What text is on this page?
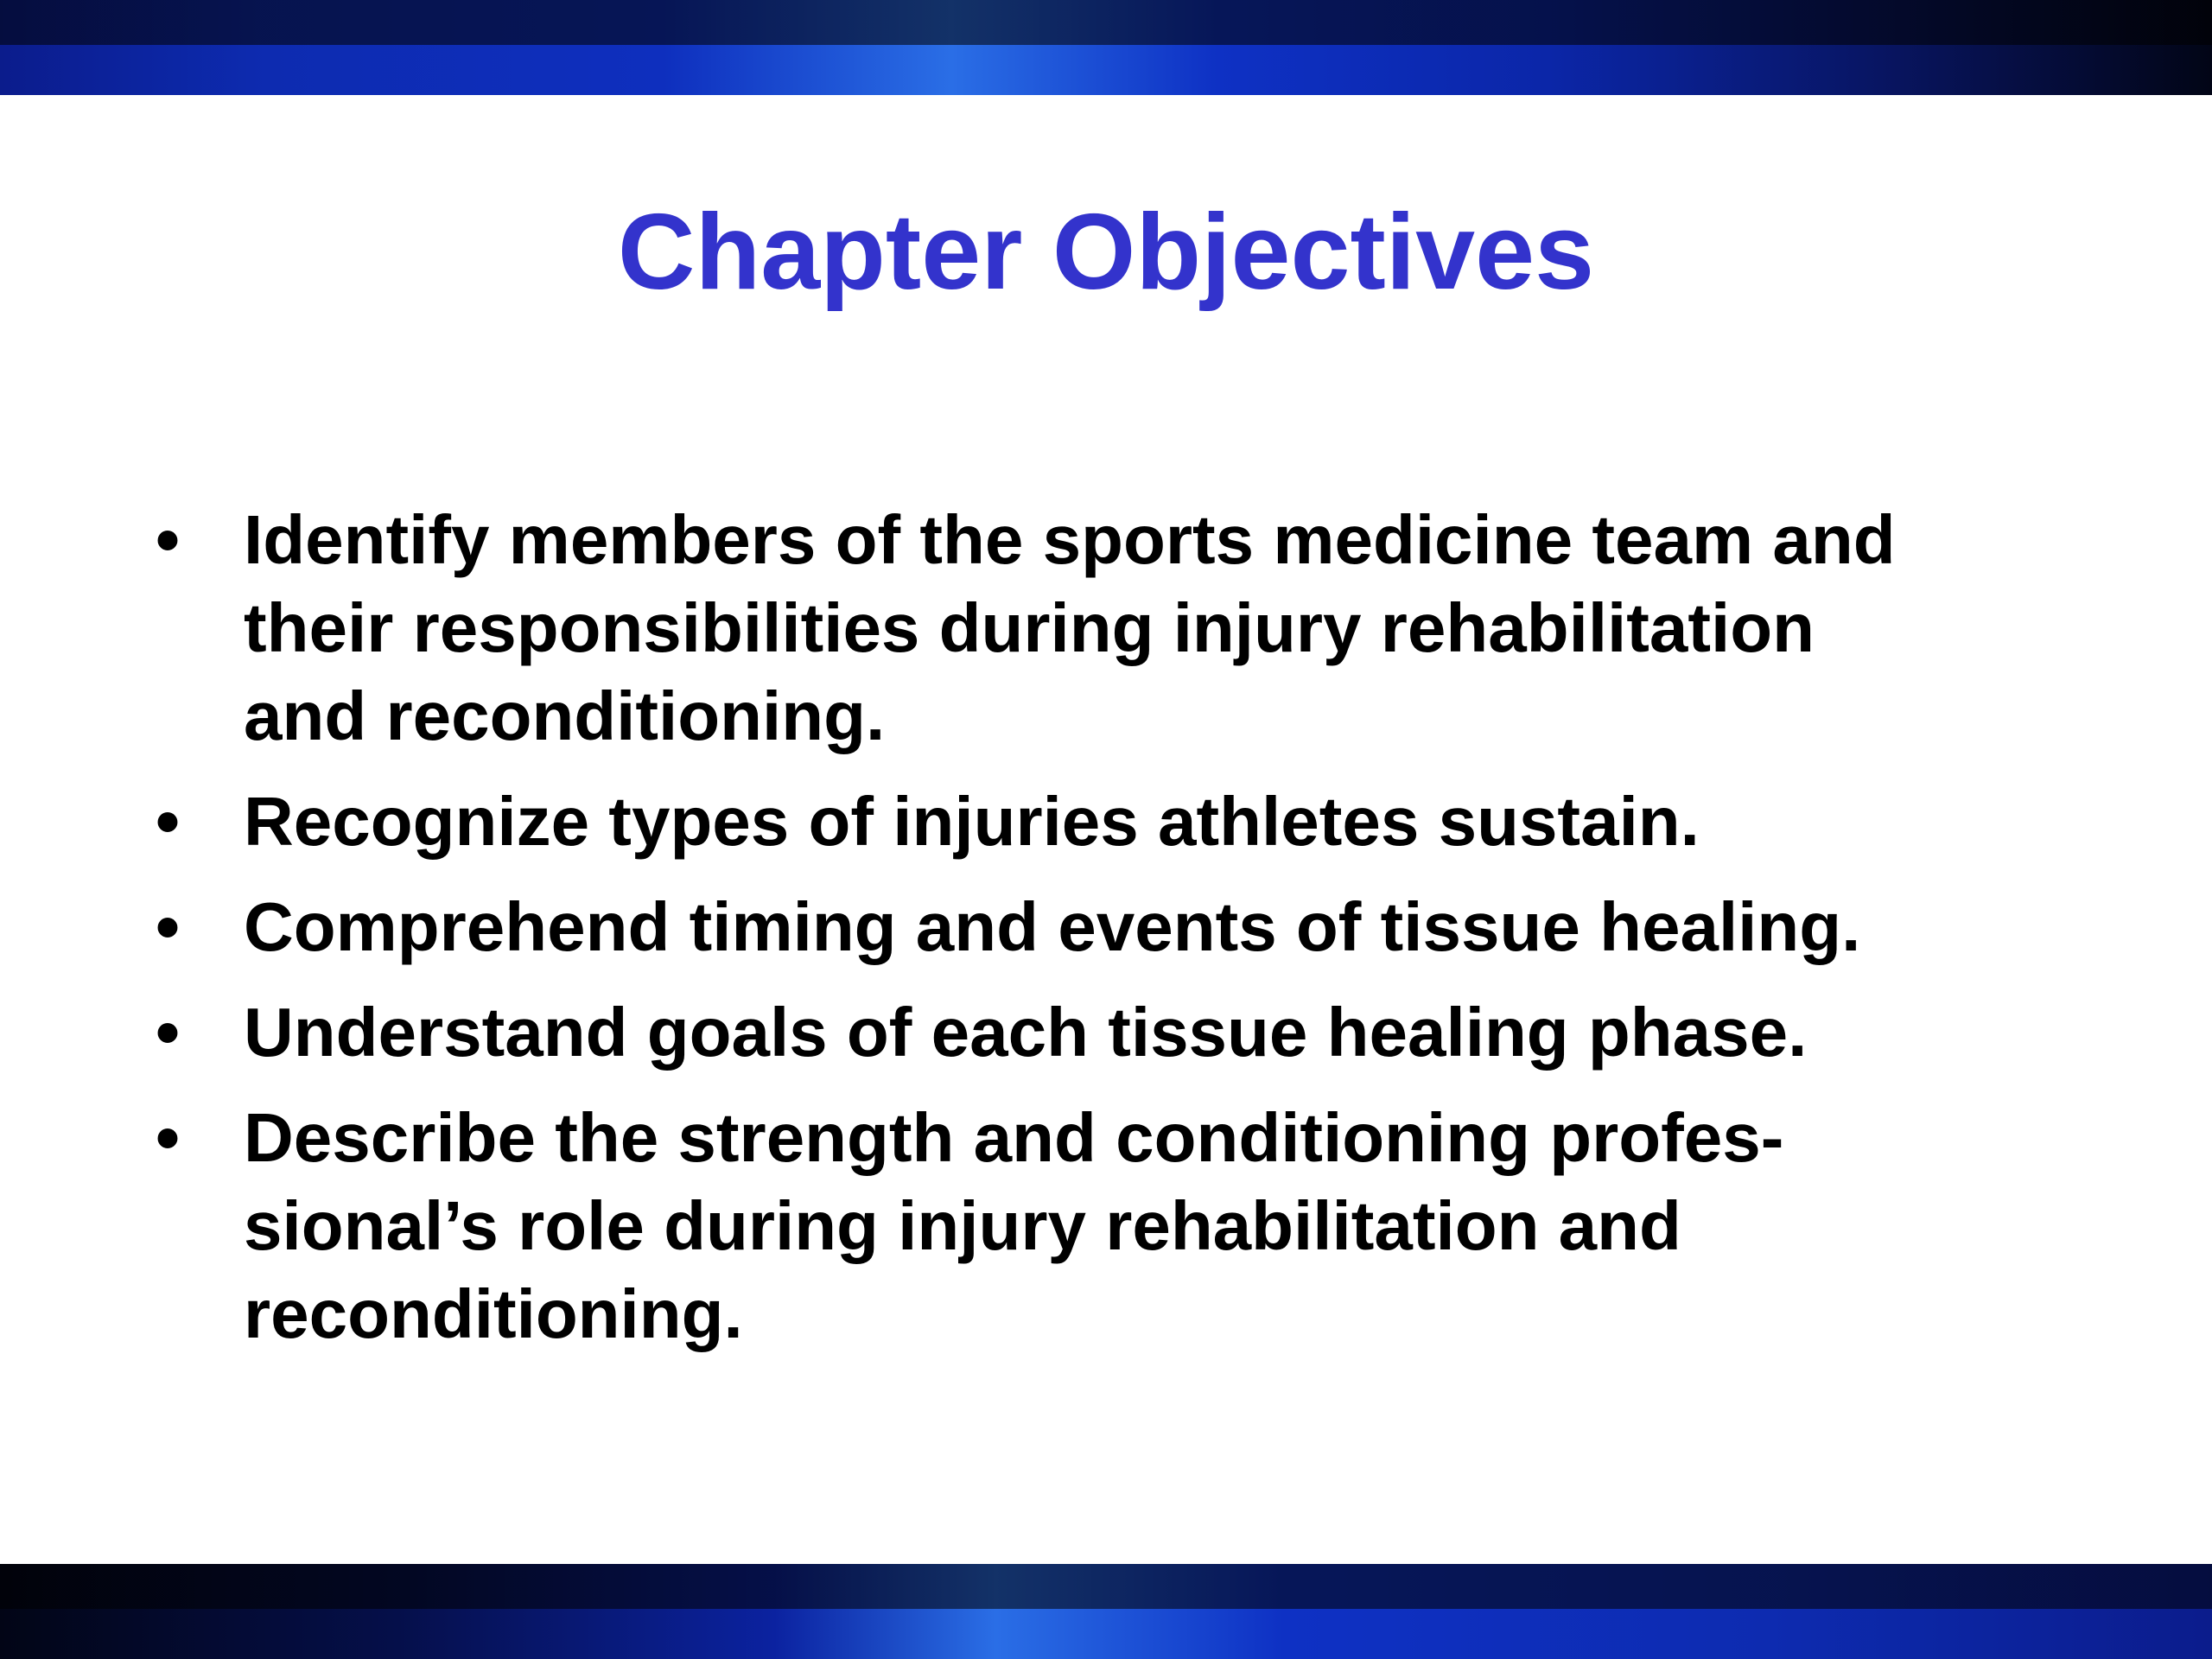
Chapter Objectives
• Identify members of the sports medicine team and
their responsibilities during injury rehabilitation
and reconditioning.
• Recognize types of injuries athletes sustain.
• Comprehend timing and events of tissue healing.
• Understand goals of each tissue healing phase.
• Describe the strength and conditioning profes-
sional’s role during injury rehabilitation and
reconditioning.
